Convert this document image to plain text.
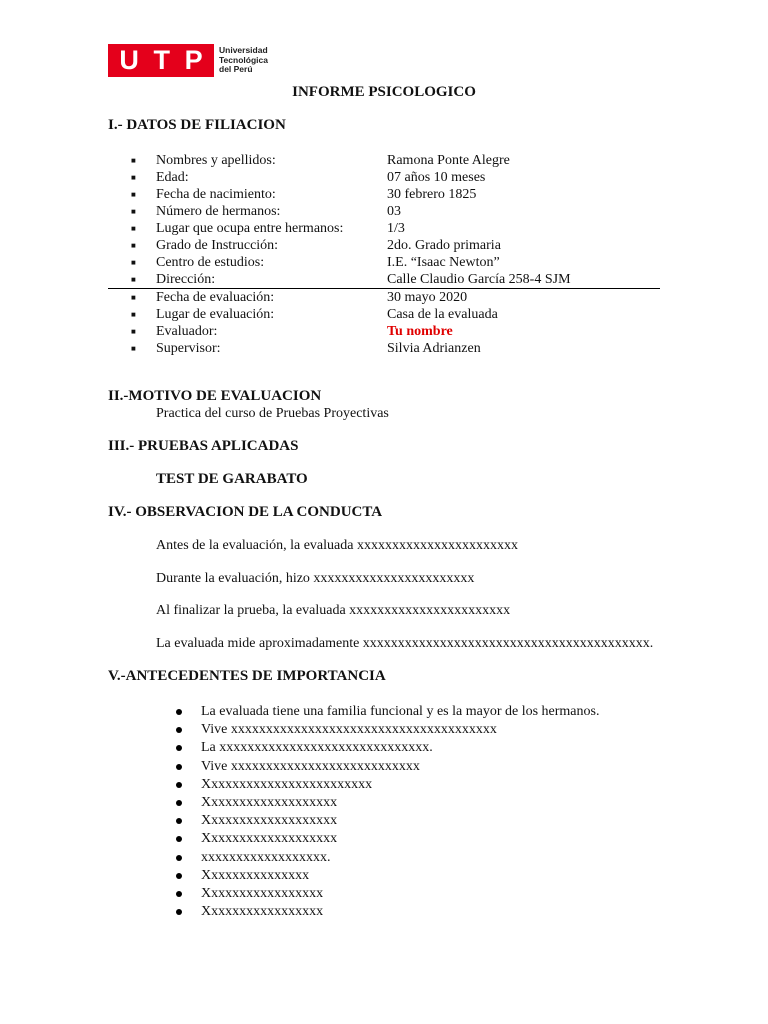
U T P Universidad
Tecnológica
del Perú
INFORME PSICOLOGICO
I.- DATOS DE FILIACION
■ Nombres y apellidos:	Ramona Ponte Alegre
■ Edad:	07 años 10 meses
■ Fecha de nacimiento:	30 febrero 1825
■ Número de hermanos:	03
■ Lugar que ocupa entre hermanos:	1/3
■ Grado de Instrucción:	2do. Grado primaria
■ Centro de estudios:	I.E. “Isaac Newton”
■ Dirección:	Calle Claudio García 258-4 SJM
■ Fecha de evaluación:	30 mayo 2020
■ Lugar de evaluación:	Casa de la evaluada
■ Evaluador:	Tu nombre
■ Supervisor:	Silvia Adrianzen
II.-MOTIVO DE EVALUACION
Practica del curso de Pruebas Proyectivas
III.- PRUEBAS APLICADAS
TEST DE GARABATO
IV.- OBSERVACION DE LA CONDUCTA
Antes de la evaluación, la evaluada xxxxxxxxxxxxxxxxxxxxxxx
Durante la evaluación, hizo xxxxxxxxxxxxxxxxxxxxxxx
Al finalizar la prueba, la evaluada xxxxxxxxxxxxxxxxxxxxxxx
La evaluada mide aproximadamente xxxxxxxxxxxxxxxxxxxxxxxxxxxxxxxxxxxxxxxxx.
V.-ANTECEDENTES DE IMPORTANCIA
La evaluada tiene una familia funcional y es la mayor de los hermanos.
Vive xxxxxxxxxxxxxxxxxxxxxxxxxxxxxxxxxxxxxx
La xxxxxxxxxxxxxxxxxxxxxxxxxxxxxx.
Vive xxxxxxxxxxxxxxxxxxxxxxxxxxx
Xxxxxxxxxxxxxxxxxxxxxxxx
Xxxxxxxxxxxxxxxxxxx
Xxxxxxxxxxxxxxxxxxx
Xxxxxxxxxxxxxxxxxxx
xxxxxxxxxxxxxxxxxx.
Xxxxxxxxxxxxxxx
Xxxxxxxxxxxxxxxxx
Xxxxxxxxxxxxxxxxx
